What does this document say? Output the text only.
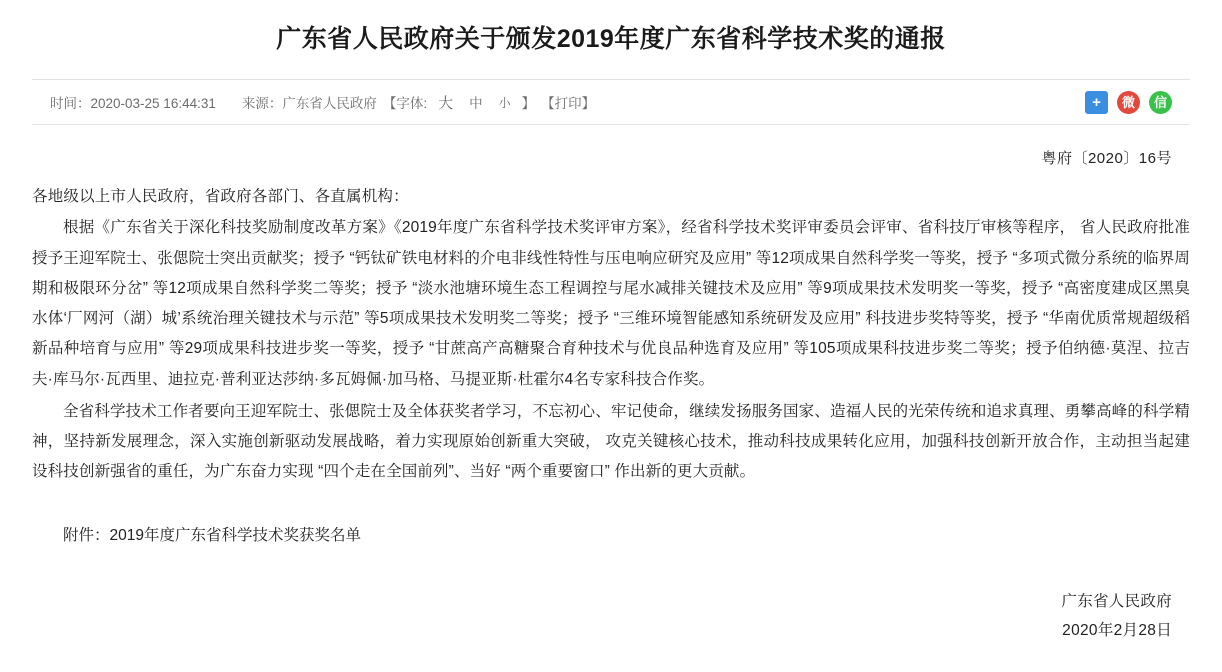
广东省人民政府关于颁发2019年度广东省科学技术奖的通报
时间：2020-03-25 16:44:31 来源：广东省人民政府 【字体: 大	中	小 】 【打印】	+	微	信
粤府〔2020〕16号
各地级以上市人民政府，省政府各部门、各直属机构：
根据《广东省关于深化科技奖励制度改革方案》《2019年度广东省科学技术奖评审方案》，经省科学技术奖评审委员会评审、省科技厅审核等程序， 省人民政府批准授予王迎军院士、张偲院士突出贡献奖；授予 “钙钛矿铁电材料的介电非线性特性与压电响应研究及应用” 等12项成果自然科学奖一等奖，授予 “多项式微分系统的临界周期和极限环分岔” 等12项成果自然科学奖二等奖；授予 “淡水池塘环境生态工程调控与尾水减排关键技术及应用” 等9项成果技术发明奖一等奖，授予 “高密度建成区黑臭水体‘厂网河（湖）城’系统治理关键技术与示范” 等5项成果技术发明奖二等奖；授予 “三维环境智能感知系统研发及应用” 科技进步奖特等奖，授予 “华南优质常规超级稻新品种培育与应用” 等29项成果科技进步奖一等奖，授予 “甘蔗高产高糖聚合育种技术与优良品种选育及应用” 等105项成果科技进步奖二等奖；授予伯纳德·莫涅、拉吉夫·库马尔·瓦西里、迪拉克·普利亚达莎纳·多瓦姆佩·加马格、马提亚斯·杜霍尔4名专家科技合作奖。
全省科学技术工作者要向王迎军院士、张偲院士及全体获奖者学习，不忘初心、牢记使命，继续发扬服务国家、造福人民的光荣传统和追求真理、勇攀高峰的科学精神，坚持新发展理念，深入实施创新驱动发展战略，着力实现原始创新重大突破， 攻克关键核心技术，推动科技成果转化应用，加强科技创新开放合作，主动担当起建设科技创新强省的重任，为广东奋力实现 “四个走在全国前列”、当好 “两个重要窗口” 作出新的更大贡献。
附件：2019年度广东省科学技术奖获奖名单
广东省人民政府
2020年2月28日
